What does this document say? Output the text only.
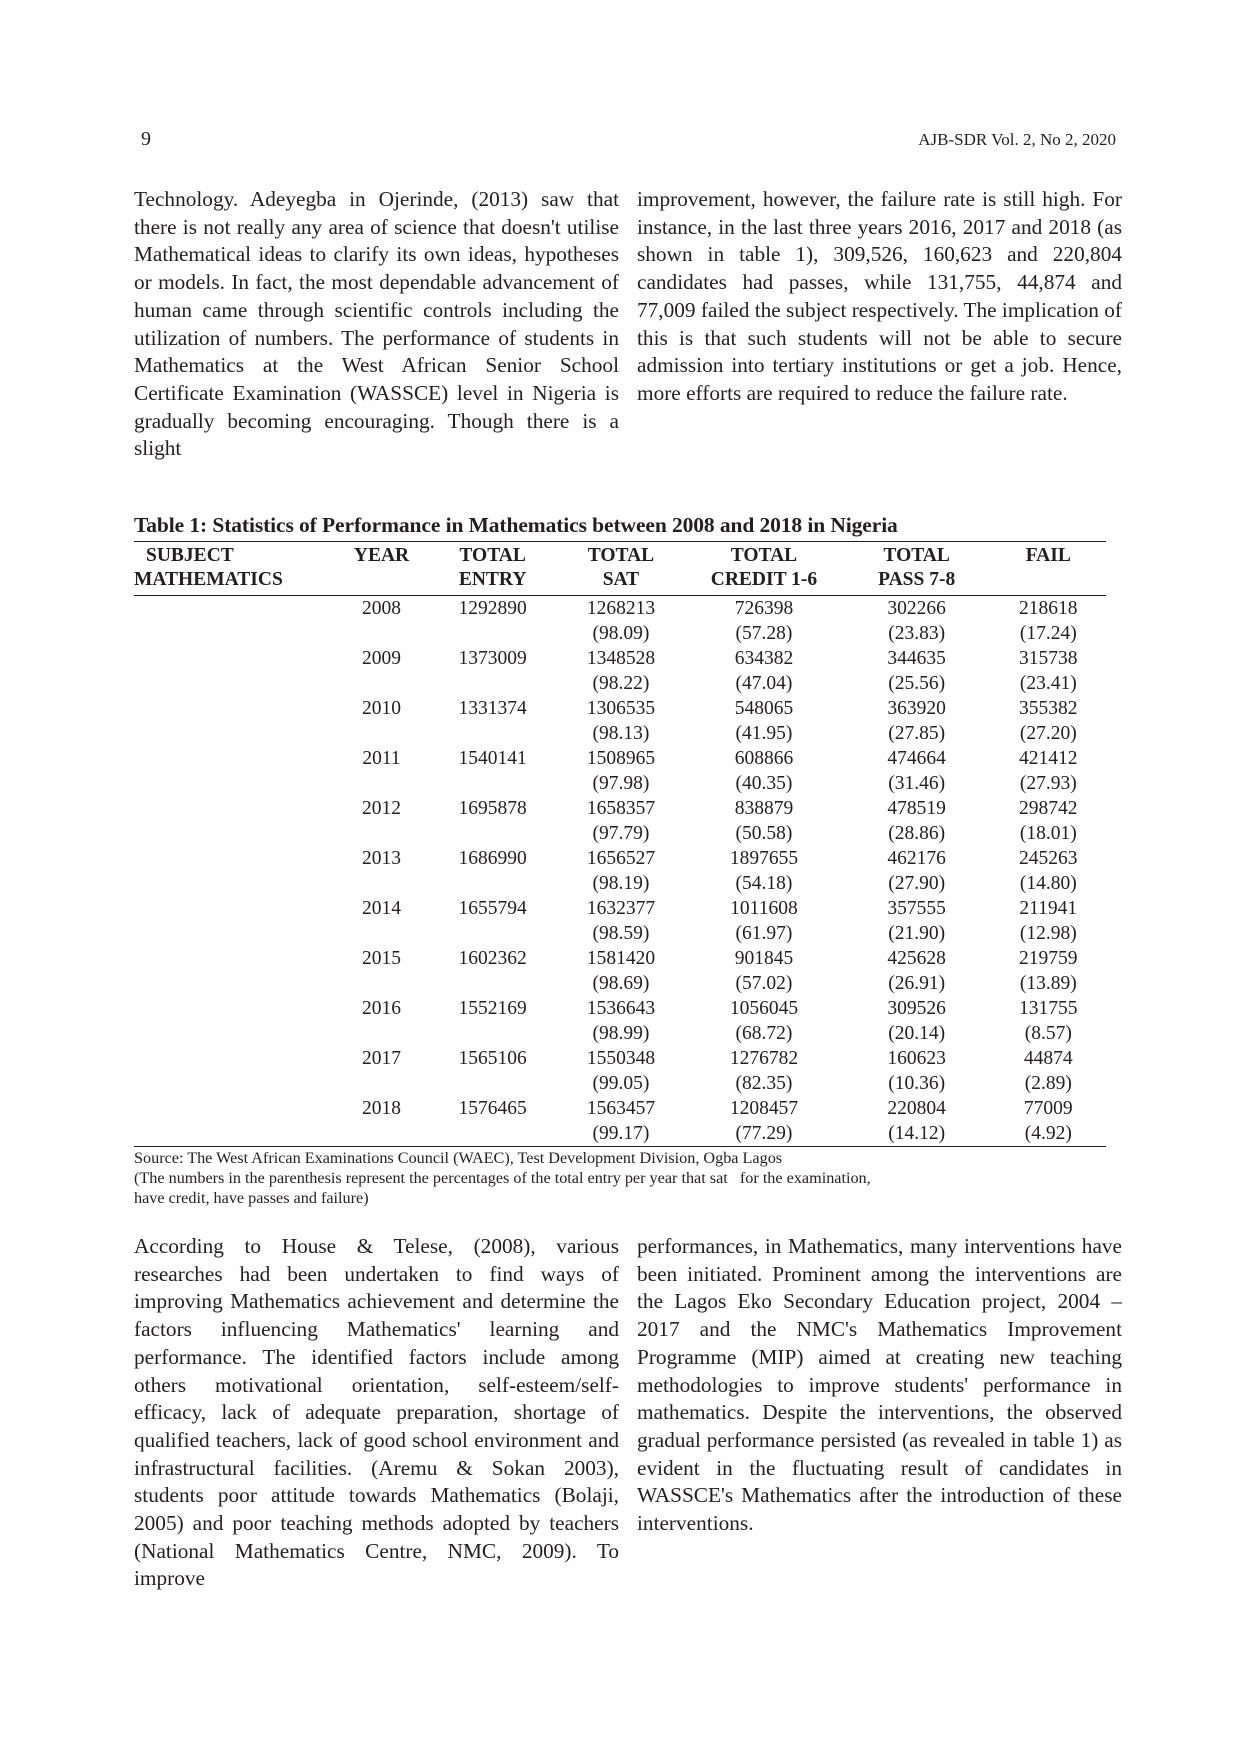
9	AJB-SDR Vol. 2, No 2, 2020

Technology. Adeyegba in Ojerinde, (2013) saw that there is not really any area of science that doesn't utilise Mathematical ideas to clarify its own ideas, hypotheses or models. In fact, the most dependable advancement of human came through scientific controls including the utilization of numbers. The performance of students in Mathematics at the West African Senior School Certificate Examination (WASSCE) level in Nigeria is gradually becoming encouraging. Though there is a slight

improvement, however, the failure rate is still high. For instance, in the last three years 2016, 2017 and 2018 (as shown in table 1), 309,526, 160,623 and 220,804 candidates had passes, while 131,755, 44,874 and 77,009 failed the subject respectively. The implication of this is that such students will not be able to secure admission into tertiary institutions or get a job. Hence, more efforts are required to reduce the failure rate.

Table 1: Statistics of Performance in Mathematics between 2008 and 2018 in Nigeria
SUBJECT	YEAR	TOTAL	TOTAL	TOTAL	TOTAL	FAIL
MATHEMATICS		ENTRY	SAT	CREDIT 1-6	PASS 7-8	
	2008	1292890	1268213	726398	302266	218618
			(98.09)	(57.28)	(23.83)	(17.24)
	2009	1373009	1348528	634382	344635	315738
			(98.22)	(47.04)	(25.56)	(23.41)
	2010	1331374	1306535	548065	363920	355382
			(98.13)	(41.95)	(27.85)	(27.20)
	2011	1540141	1508965	608866	474664	421412
			(97.98)	(40.35)	(31.46)	(27.93)
	2012	1695878	1658357	838879	478519	298742
			(97.79)	(50.58)	(28.86)	(18.01)
	2013	1686990	1656527	1897655	462176	245263
			(98.19)	(54.18)	(27.90)	(14.80)
	2014	1655794	1632377	1011608	357555	211941
			(98.59)	(61.97)	(21.90)	(12.98)
	2015	1602362	1581420	901845	425628	219759
			(98.69)	(57.02)	(26.91)	(13.89)
	2016	1552169	1536643	1056045	309526	131755
			(98.99)	(68.72)	(20.14)	(8.57)
	2017	1565106	1550348	1276782	160623	44874
			(99.05)	(82.35)	(10.36)	(2.89)
	2018	1576465	1563457	1208457	220804	77009
			(99.17)	(77.29)	(14.12)	(4.92)
Source: The West African Examinations Council (WAEC), Test Development Division, Ogba Lagos
(The numbers in the parenthesis represent the percentages of the total entry per year that sat   for the examination,
have credit, have passes and failure)

According to House & Telese, (2008), various researches had been undertaken to find ways of improving Mathematics achievement and determine the factors influencing Mathematics' learning and performance. The identified factors include among others motivational orientation, self-esteem/self-efficacy, lack of adequate preparation, shortage of qualified teachers, lack of good school environment and infrastructural facilities. (Aremu & Sokan 2003), students poor attitude towards Mathematics (Bolaji, 2005) and poor teaching methods adopted by teachers (National Mathematics Centre, NMC, 2009). To improve

performances, in Mathematics, many interventions have been initiated. Prominent among the interventions are the Lagos Eko Secondary Education project, 2004 – 2017 and the NMC's Mathematics Improvement Programme (MIP) aimed at creating new teaching methodologies to improve students' performance in mathematics. Despite the interventions, the observed gradual performance persisted (as revealed in table 1) as evident in the fluctuating result of candidates in WASSCE's Mathematics after the introduction of these interventions.
